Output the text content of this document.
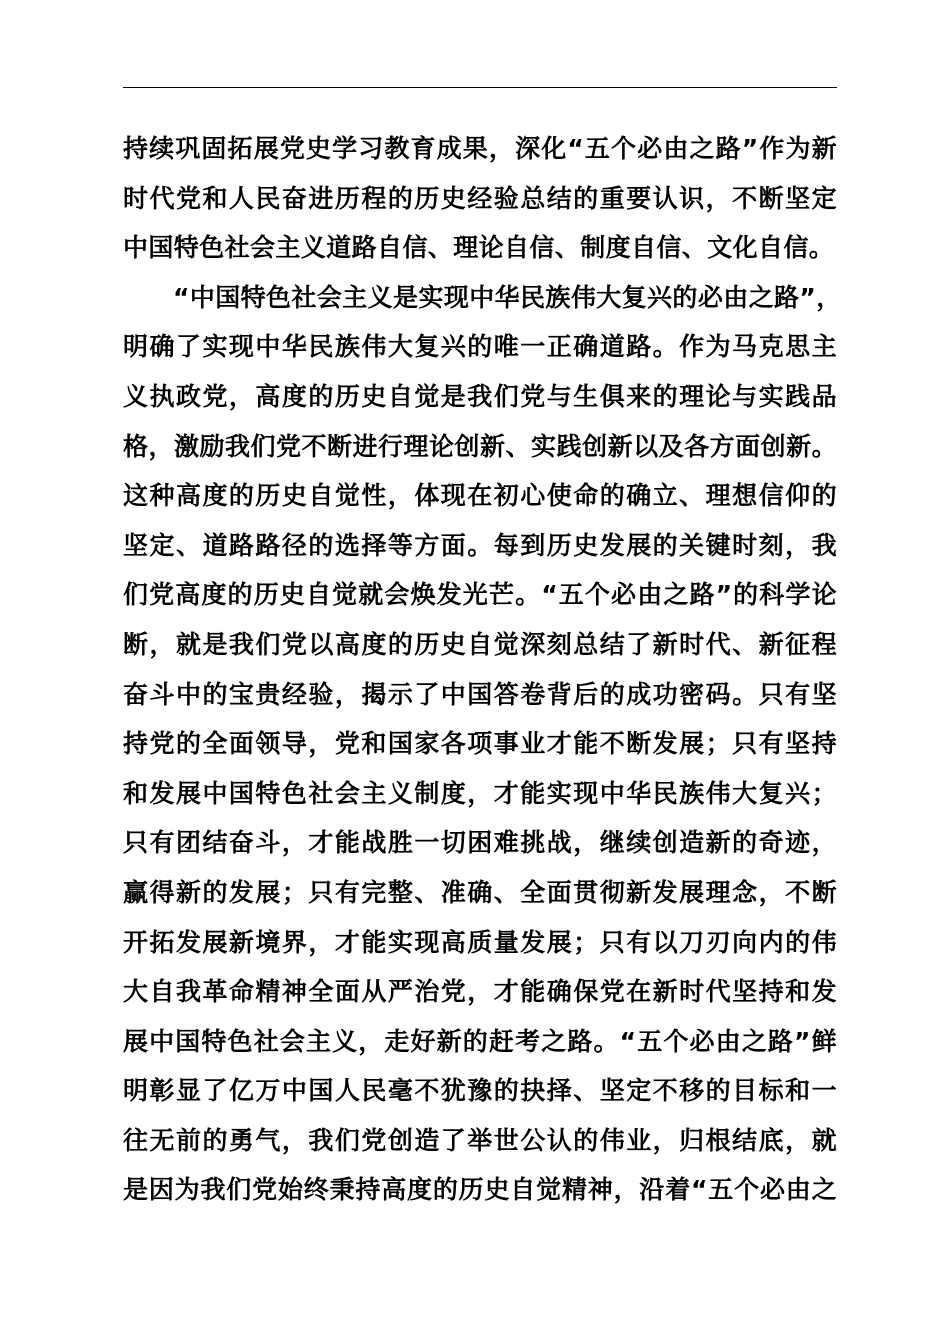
持续巩固拓展党史学习教育成果，深化“五个必由之路”作为新
时代党和人民奋进历程的历史经验总结的重要认识，不断坚定
中国特色社会主义道路自信、理论自信、制度自信、文化自信。
“中国特色社会主义是实现中华民族伟大复兴的必由之路”，
明确了实现中华民族伟大复兴的唯一正确道路。作为马克思主
义执政党，高度的历史自觉是我们党与生俱来的理论与实践品
格，激励我们党不断进行理论创新、实践创新以及各方面创新。
这种高度的历史自觉性，体现在初心使命的确立、理想信仰的
坚定、道路路径的选择等方面。每到历史发展的关键时刻，我
们党高度的历史自觉就会焕发光芒。“五个必由之路”的科学论
断，就是我们党以高度的历史自觉深刻总结了新时代、新征程
奋斗中的宝贵经验，揭示了中国答卷背后的成功密码。只有坚
持党的全面领导，党和国家各项事业才能不断发展；只有坚持
和发展中国特色社会主义制度，才能实现中华民族伟大复兴；
只有团结奋斗，才能战胜一切困难挑战，继续创造新的奇迹，
赢得新的发展；只有完整、准确、全面贯彻新发展理念，不断
开拓发展新境界，才能实现高质量发展；只有以刀刃向内的伟
大自我革命精神全面从严治党，才能确保党在新时代坚持和发
展中国特色社会主义，走好新的赶考之路。“五个必由之路”鲜
明彰显了亿万中国人民毫不犹豫的抉择、坚定不移的目标和一
往无前的勇气，我们党创造了举世公认的伟业，归根结底，就
是因为我们党始终秉持高度的历史自觉精神，沿着“五个必由之
